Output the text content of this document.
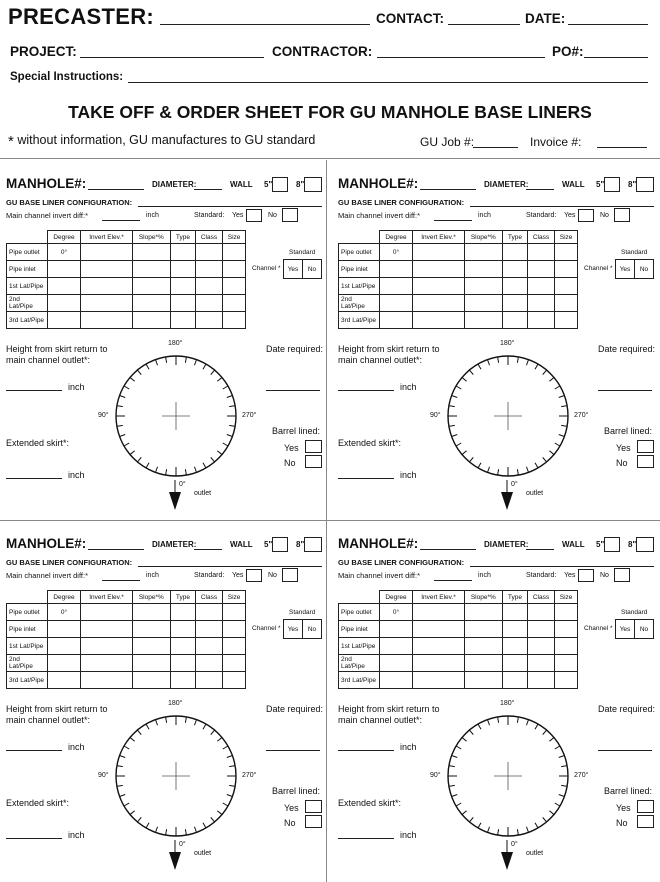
PRECASTER:	CONTACT:	DATE:
PROJECT:	CONTRACTOR:	PO#:
Special Instructions:
TAKE OFF & ORDER SHEET FOR GU MANHOLE BASE LINERS
* without information, GU manufactures to GU standard	GU Job #:	Invoice #:
MANHOLE#:	DIAMETER:	WALL 5"	8"
GU BASE LINER CONFIGURATION:
Main channel invert diff:*	inch	Standard: Yes	No
	Degree	Invert Elev.*	Slope*%	Type	Class	Size
Pipe outlet	0°					
Pipe inlet						
1st Lat/Pipe						
2nd Lat/Pipe						
3rd Lat/Pipe						
Standard
Channel * Yes	No
Height from skirt return to
main channel outlet*:
inch
Extended skirt*:
inch
Date required:
Barrel lined:
Yes
No
180°
90°	270°
0°
outlet
MANHOLE#:	DIAMETER:	WALL 5"	8"
GU BASE LINER CONFIGURATION:
Main channel invert diff:*	inch	Standard: Yes	No
	Degree	Invert Elev.*	Slope*%	Type	Class	Size
Pipe outlet	0°					
Pipe inlet						
1st Lat/Pipe						
2nd Lat/Pipe						
3rd Lat/Pipe						
Standard
Channel * Yes	No
Height from skirt return to
main channel outlet*:
inch
Extended skirt*:
inch
Date required:
Barrel lined:
Yes
No
180°
90°	270°
0°
outlet
MANHOLE#:	DIAMETER:	WALL 5"	8"
GU BASE LINER CONFIGURATION:
Main channel invert diff:*	inch	Standard: Yes	No
	Degree	Invert Elev.*	Slope*%	Type	Class	Size
Pipe outlet	0°					
Pipe inlet						
1st Lat/Pipe						
2nd Lat/Pipe						
3rd Lat/Pipe						
Standard
Channel * Yes	No
Height from skirt return to
main channel outlet*:
inch
Extended skirt*:
inch
Date required:
Barrel lined:
Yes
No
180°
90°	270°
0°
outlet
MANHOLE#:	DIAMETER:	WALL 5"	8"
GU BASE LINER CONFIGURATION:
Main channel invert diff:*	inch	Standard: Yes	No
	Degree	Invert Elev.*	Slope*%	Type	Class	Size
Pipe outlet	0°					
Pipe inlet						
1st Lat/Pipe						
2nd Lat/Pipe						
3rd Lat/Pipe						
Standard
Channel * Yes	No
Height from skirt return to
main channel outlet*:
inch
Extended skirt*:
inch
Date required:
Barrel lined:
Yes
No
180°
90°	270°
0°
outlet
